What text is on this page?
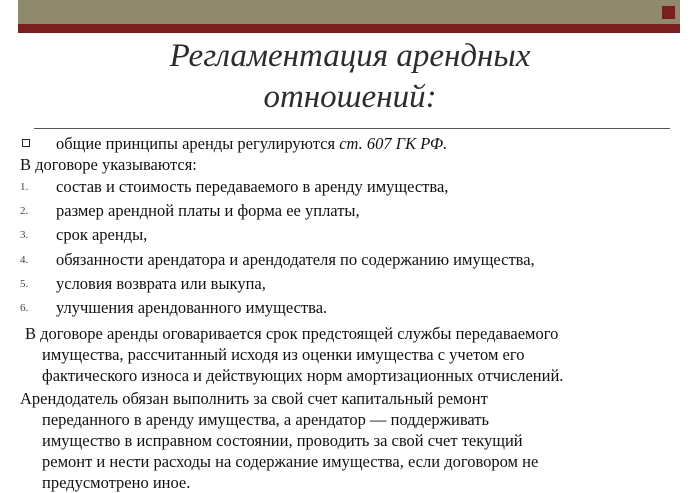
Регламентация арендных
отношений:
общие принципы аренды регулируются ст. 607 ГК РФ.
В договоре указываются:
1. состав и стоимость передаваемого в аренду имущества,
2. размер арендной платы и форма ее уплаты,
3. срок аренды,
4. обязанности арендатора и арендодателя по содержанию имущества,
5. условия возврата или выкупа,
6. улучшения арендованного имущества.
В договоре аренды оговаривается срок предстоящей службы передаваемого
имущества, рассчитанный исходя из оценки имущества с учетом его
фактического износа и действующих норм амортизационных отчислений.
Арендодатель обязан выполнить за свой счет капитальный ремонт
переданного в аренду имущества, а арендатор — поддерживать
имущество в исправном состоянии, проводить за свой счет текущий
ремонт и нести расходы на содержание имущества, если договором не
предусмотрено иное.
